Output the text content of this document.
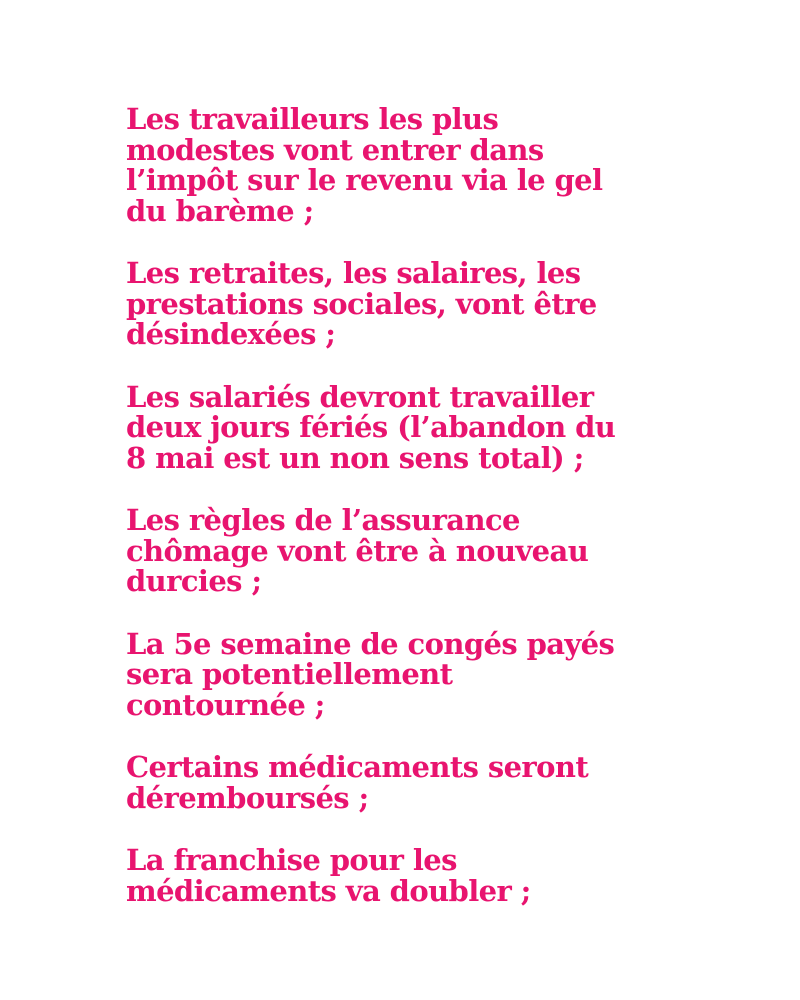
Les travailleurs les plus
modestes vont entrer dans
l’impôt sur le revenu via le gel
du barème ;

Les retraites, les salaires, les
prestations sociales, vont être
désindexées ;

Les salariés devront travailler
deux jours fériés (l’abandon du
8 mai est un non sens total) ;

Les règles de l’assurance
chômage vont être à nouveau
durcies ;

La 5e semaine de congés payés
sera potentiellement
contournée ;

Certains médicaments seront
déremboursés ;

La franchise pour les
médicaments va doubler ;
